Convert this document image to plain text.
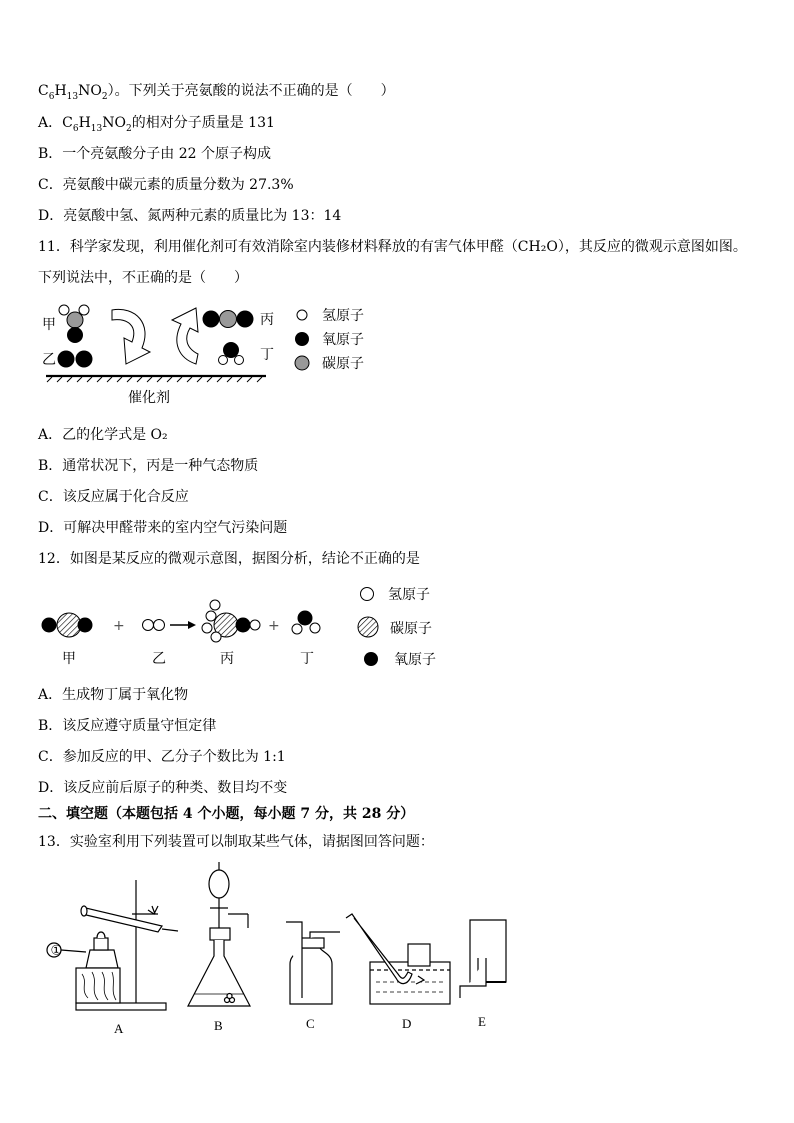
$C_6H_{13}NO_2$）。下列关于亮氨酸的说法不正确的是（　　）
A．$C_6H_{13}NO_2$的相对分子质量是 131
B．一个亮氨酸分子由 22 个原子构成
C．亮氨酸中碳元素的质量分数为 27.3%
D．亮氨酸中氢、氮两种元素的质量比为 13：14
11．科学家发现，利用催化剂可有效消除室内装修材料释放的有害气体甲醛（CH₂O），其反应的微观示意图如图。下列说法中，不正确的是（　　）
甲
乙
丙
丁
催化剂
氢原子
氧原子
碳原子
A．乙的化学式是 O₂
B．通常状况下，丙是一种气态物质
C．该反应属于化合反应
D．可解决甲醛带来的室内空气污染问题
12．如图是某反应的微观示意图，据图分析，结论不正确的是
甲
+
乙	丙
+
丁
氢原子
碳原子
氧原子
A．生成物丁属于氧化物
B．该反应遵守质量守恒定律
C．参加反应的甲、乙分子个数比为 1:1
D．该反应前后原子的种类、数目均不变
二、填空题（本题包括 4 个小题，每小题 7 分，共 28 分）
13．实验室利用下列装置可以制取某些气体，请据图回答问题：
①
A	B	C	D	E
